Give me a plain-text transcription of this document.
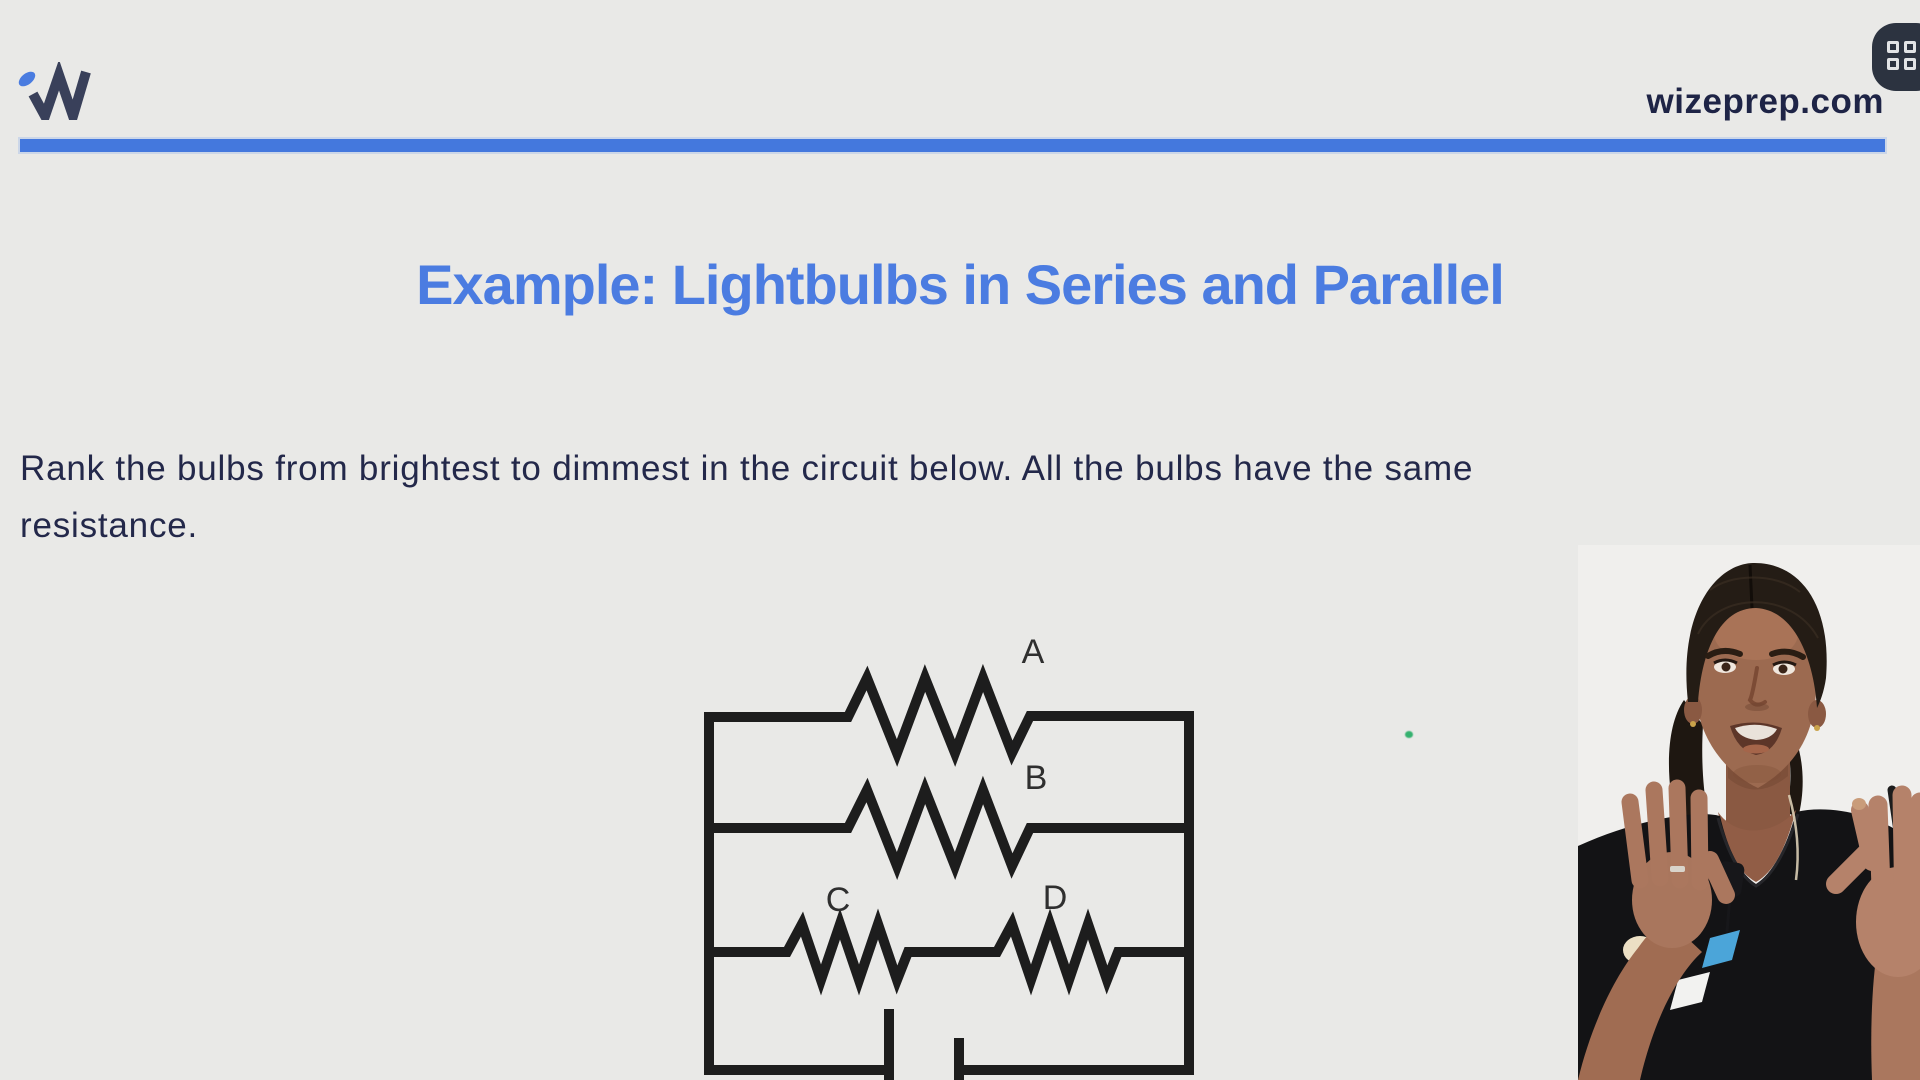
wizeprep.com
Example: Lightbulbs in Series and Parallel
Rank the bulbs from brightest to dimmest in the circuit below. All the bulbs have the same
resistance.
A
B
C	D
